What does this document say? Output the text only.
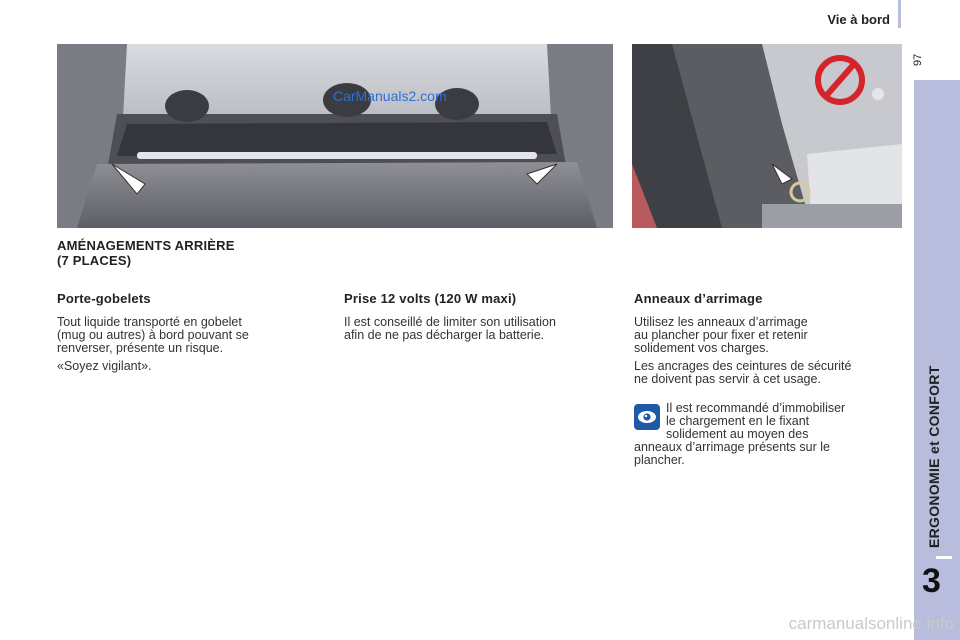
Vie à bord
97
ERGONOMIE et CONFORT
3
CarManuals2.com
AMÉNAGEMENTS ARRIÈRE
(7 PLACES)
Porte-gobelets
Tout liquide transporté en gobelet
(mug ou autres) à bord pouvant se
renverser, présente un risque.
«Soyez vigilant».
Prise 12 volts (120 W maxi)
Il est conseillé de limiter son utilisation
afin de ne pas décharger la batterie.
Anneaux d’arrimage
Utilisez les anneaux d’arrimage
au plancher pour fixer et retenir
solidement vos charges.
Les ancrages des ceintures de sécurité
ne doivent pas servir à cet usage.
Il est recommandé d’immobiliser
le chargement en le fixant
solidement au moyen des
anneaux d’arrimage présents sur le
plancher.
carmanualsonline.info
